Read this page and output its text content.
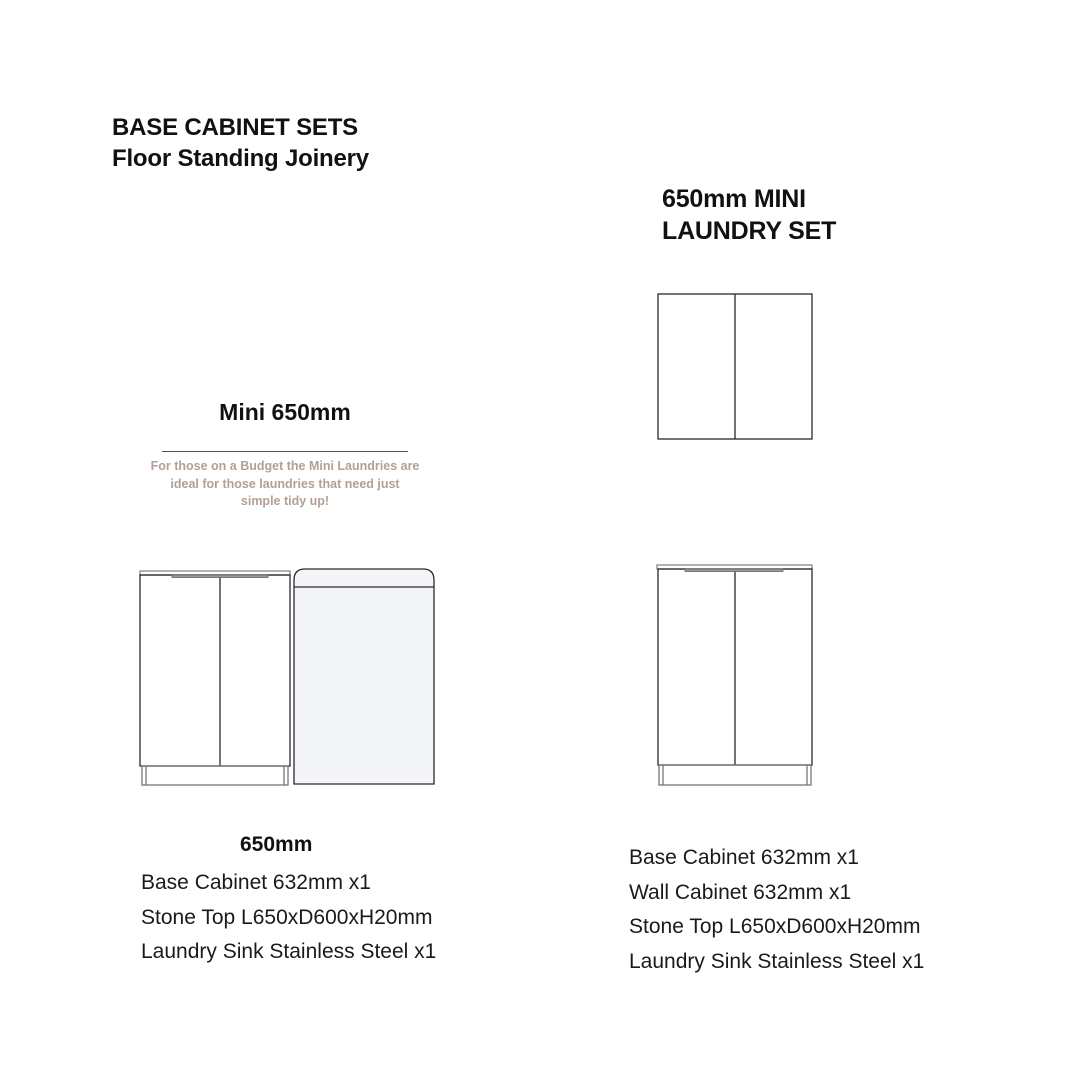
BASE CABINET SETS
Floor Standing Joinery
650mm MINI
LAUNDRY SET
Mini 650mm
For those on a Budget the Mini Laundries are ideal for those laundries that need just simple tidy up!
650mm
Base Cabinet 632mm x1
Stone Top L650xD600xH20mm
Laundry Sink Stainless Steel x1
Base Cabinet 632mm x1
Wall Cabinet 632mm x1
Stone Top L650xD600xH20mm
Laundry Sink Stainless Steel x1
